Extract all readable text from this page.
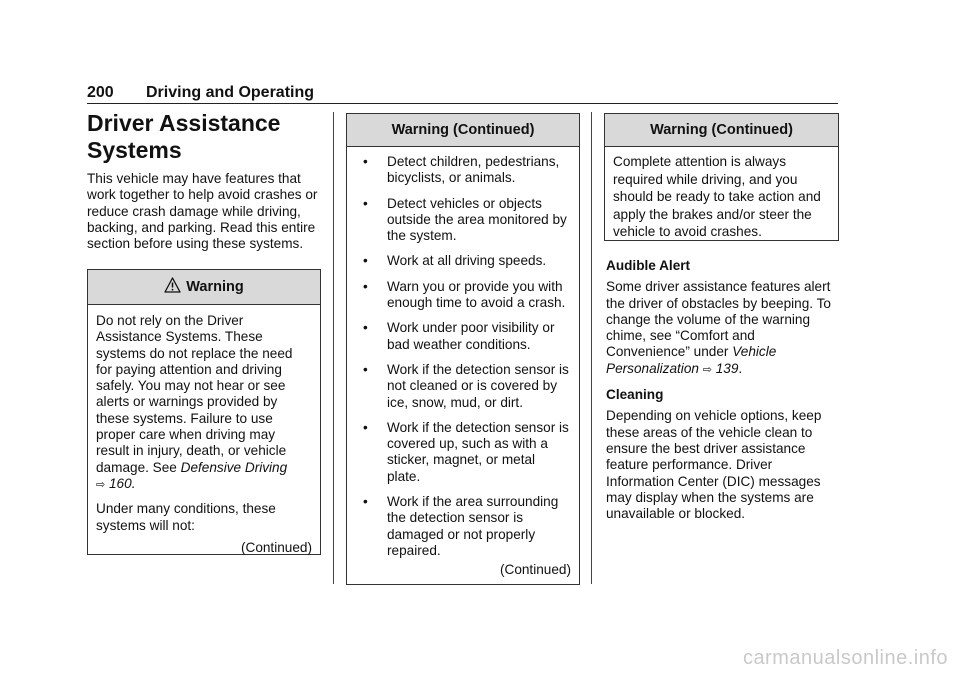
200 Driving and Operating
Driver Assistance
Systems

This vehicle may have features that work together to help avoid crashes or reduce crash damage while driving, backing, and parking. Read this entire section before using these systems.

Warning

Do not rely on the Driver Assistance Systems. These systems do not replace the need for paying attention and driving safely. You may not hear or see alerts or warnings provided by these systems. Failure to use proper care when driving may result in injury, death, or vehicle damage. See Defensive Driving
⇨ 160.

Under many conditions, these systems will not:

(Continued)
Warning (Continued)
• Detect children, pedestrians, bicyclists, or animals.
• Detect vehicles or objects outside the area monitored by the system.
• Work at all driving speeds.
• Warn you or provide you with enough time to avoid a crash.
• Work under poor visibility or bad weather conditions.
• Work if the detection sensor is not cleaned or is covered by ice, snow, mud, or dirt.
• Work if the detection sensor is covered up, such as with a sticker, magnet, or metal plate.
• Work if the area surrounding the detection sensor is damaged or not properly repaired.
(Continued)
Warning (Continued)

Complete attention is always required while driving, and you should be ready to take action and apply the brakes and/or steer the vehicle to avoid crashes.

Audible Alert

Some driver assistance features alert the driver of obstacles by beeping. To change the volume of the warning chime, see “Comfort and Convenience” under Vehicle Personalization ⇨ 139.

Cleaning

Depending on vehicle options, keep these areas of the vehicle clean to ensure the best driver assistance feature performance. Driver Information Center (DIC) messages may display when the systems are unavailable or blocked.

carmanualsonline.info
